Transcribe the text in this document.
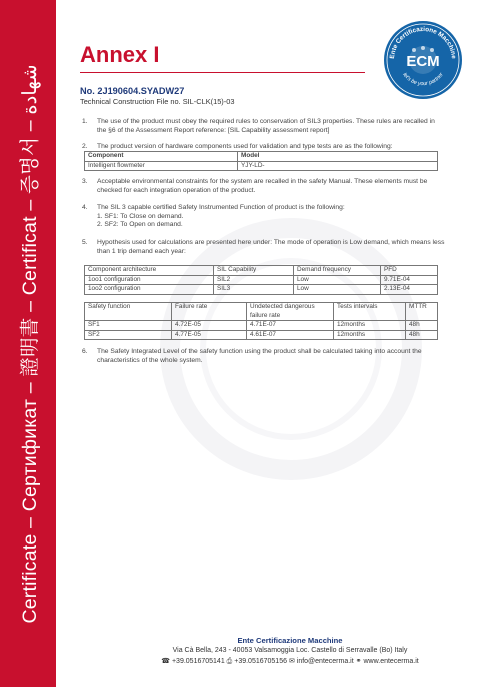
Certificate – Сертификат – 證明書 – Certificat – 증명서 – شهادة
Annex I	Ente Certificazione Macchine
let's be your partner
ECM
No. 2J190604.SYADW27
Technical Construction File no. SIL-CLK(15)-03
1. The use of the product must obey the required rules to conservation of SIL3 properties. These rules are recalled in the §6 of the Assessment Report reference: [SIL Capability assessment report]
2. The product version of hardware components used for validation and type tests are as the following:
Component	Model
Intelligent flowmeter	YJY-LD-
3. Acceptable environmental constraints for the system are recalled in the safety Manual. These elements must be checked for each integration operation of the product.
4. The SIL 3 capable certified Safety Instrumented Function of product is the following:
1. SF1: To Close on demand.
2. SF2: To Open on demand.
5. Hypothesis used for calculations are presented here under: The mode of operation is Low demand, which means less than 1 trip demand each year:
Component architecture	SIL Capability	Demand frequency	PFD
1oo1 configuration	SIL2	Low	9.71E-04
1oo2 configuration	SIL3	Low	2.13E-04
Safety function	Failure rate	Undetected dangerous failure rate	Tests intervals	MTTR
SF1	4.72E-05	4.71E-07	12months	48h
SF2	4.77E-05	4.61E-07	12months	48h
6. The Safety Integrated Level of the safety function using the product shall be calculated taking into account the characteristics of the whole system.
Ente Certificazione Macchine
Via Cà Bella, 243 - 40053 Valsamoggia Loc. Castello di Serravalle (Bo) Italy
☎ +39.0516705141 ⎙ +39.0516705156 ✉ info@entecerma.it ⚭ www.entecerma.it
